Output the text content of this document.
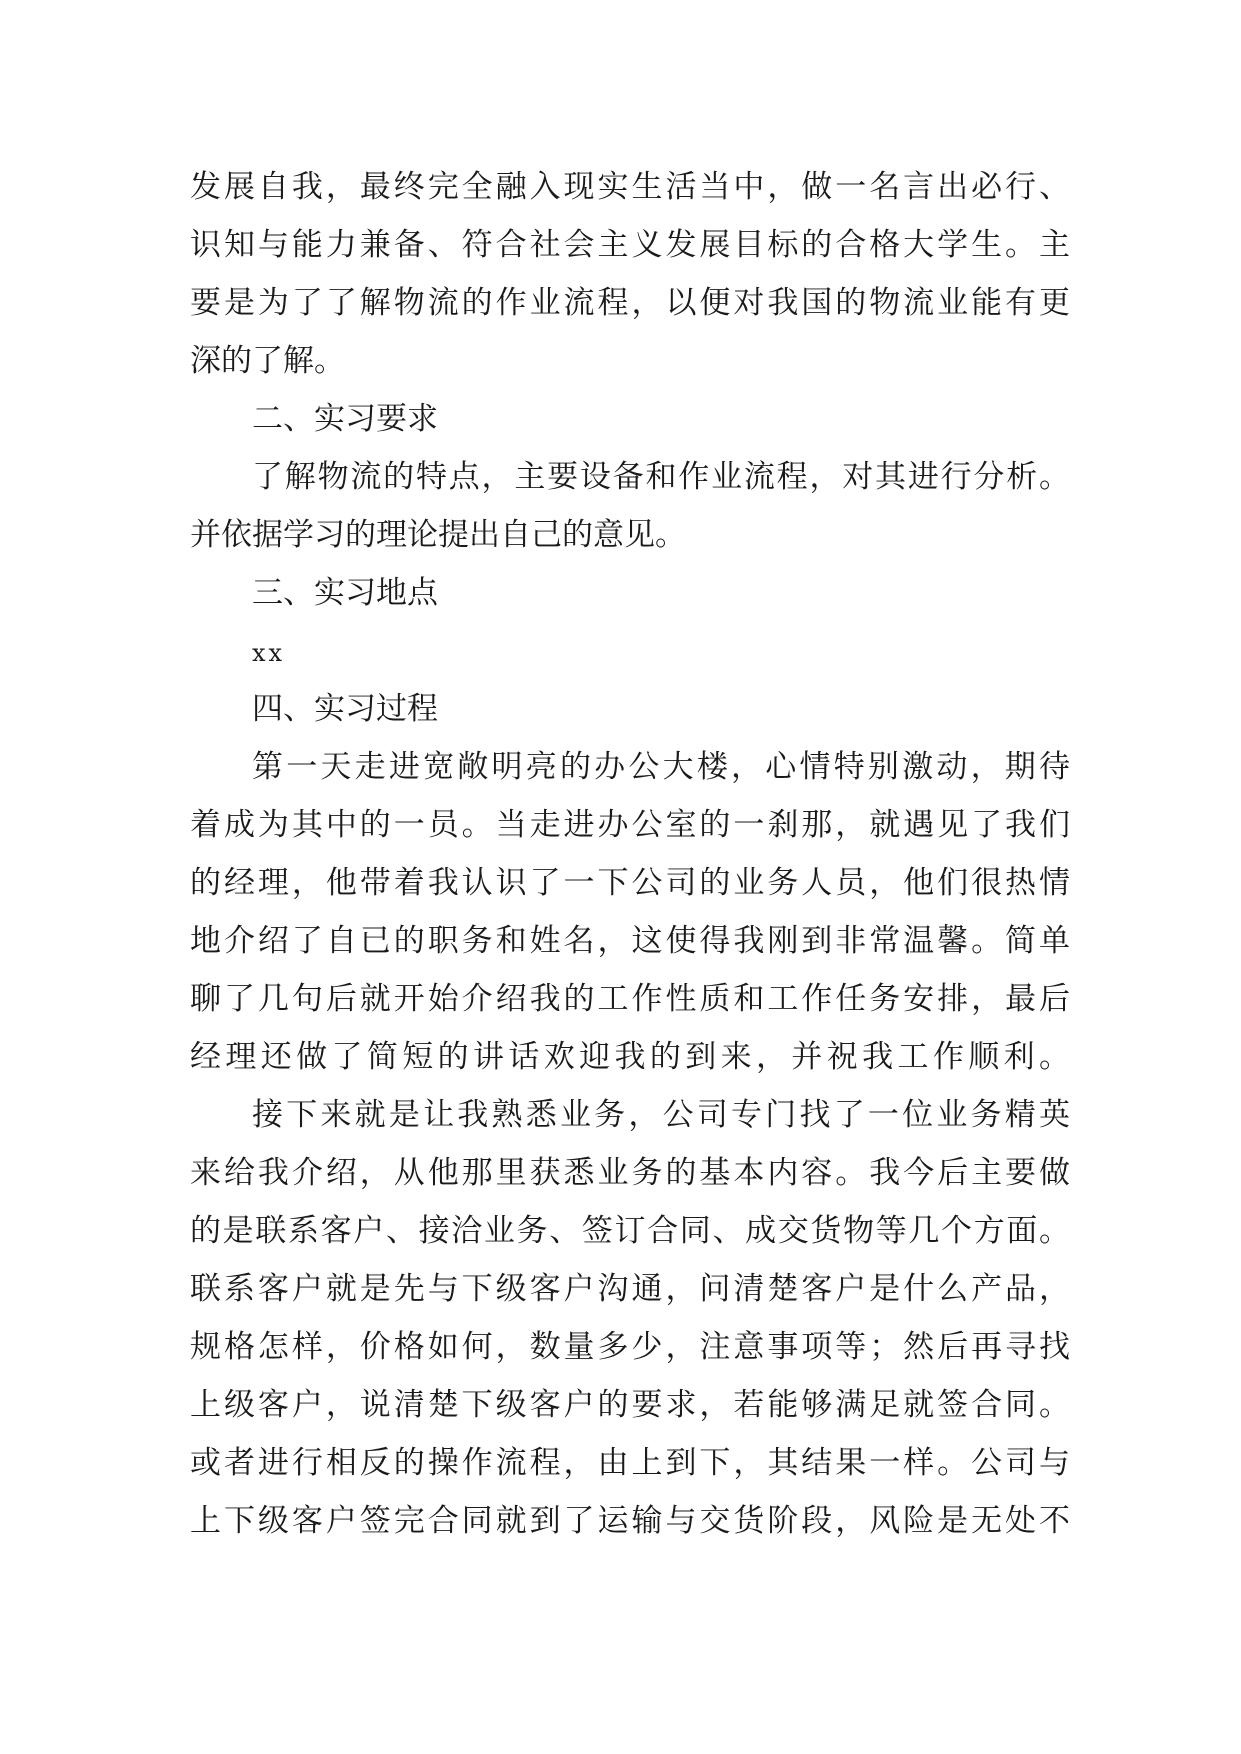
发展自我，最终完全融入现实生活当中，做一名言出必行、
识知与能力兼备、符合社会主义发展目标的合格大学生。主
要是为了了解物流的作业流程，以便对我国的物流业能有更
深的了解。
二、实习要求
了解物流的特点，主要设备和作业流程，对其进行分析。
并依据学习的理论提出自己的意见。
三、实习地点
xx
四、实习过程
第一天走进宽敞明亮的办公大楼，心情特别激动，期待
着成为其中的一员。当走进办公室的一刹那，就遇见了我们
的经理，他带着我认识了一下公司的业务人员，他们很热情
地介绍了自已的职务和姓名，这使得我刚到非常温馨。简单
聊了几句后就开始介绍我的工作性质和工作任务安排，最后
经理还做了简短的讲话欢迎我的到来，并祝我工作顺利。
接下来就是让我熟悉业务，公司专门找了一位业务精英
来给我介绍，从他那里获悉业务的基本内容。我今后主要做
的是联系客户、接洽业务、签订合同、成交货物等几个方面。
联系客户就是先与下级客户沟通，问清楚客户是什么产品，
规格怎样，价格如何，数量多少，注意事项等；然后再寻找
上级客户，说清楚下级客户的要求，若能够满足就签合同。
或者进行相反的操作流程，由上到下，其结果一样。公司与
上下级客户签完合同就到了运输与交货阶段，风险是无处不
